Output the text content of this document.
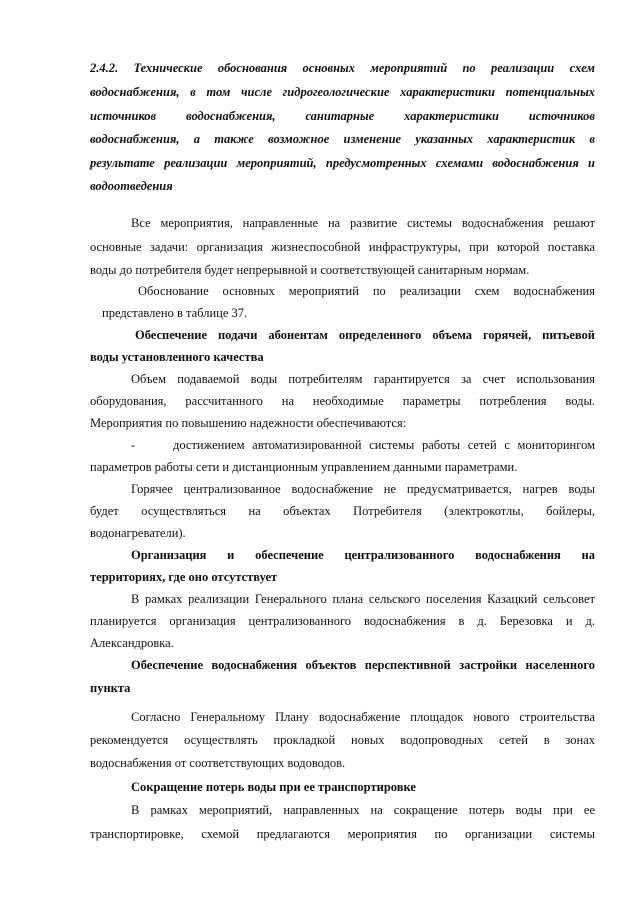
2.4.2. Технические обоснования основных мероприятий по реализации схем
водоснабжения, в том числе гидрогеологические характеристики потенциальных
источников водоснабжения, санитарные характеристики источников
водоснабжения, а также возможное изменение указанных характеристик в
результате реализации мероприятий, предусмотренных схемами водоснабжения и
водоотведения
Все мероприятия, направленные на развитие системы водоснабжения решают
основные задачи: организация жизнеспособной инфраструктуры, при которой поставка
воды до потребителя будет непрерывной и соответствующей санитарным нормам.
Обоснование основных мероприятий по реализации схем водоснабжения
представлено в таблице 37.
Обеспечение подачи абонентам определенного объема горячей, питьевой
воды установленного качества
Объем подаваемой воды потребителям гарантируется за счет использования
оборудования, рассчитанного на необходимые параметры потребления воды.
Мероприятия по повышению надежности обеспечиваются:
-	достижением автоматизированной системы работы сетей с мониторингом
параметров работы сети и дистанционным управлением данными параметрами.
Горячее централизованное водоснабжение не предусматривается, нагрев воды
будет осуществляться на объектах Потребителя (электрокотлы, бойлеры,
водонагреватели).
Организация и обеспечение централизованного водоснабжения на
территориях, где оно отсутствует
В рамках реализации Генерального плана сельского поселения Казацкий сельсовет
планируется организация централизованного водоснабжения в д. Березовка и д.
Александровка.
Обеспечение водоснабжения объектов перспективной застройки населенного
пункта
Согласно Генеральному Плану водоснабжение площадок нового строительства
рекомендуется осуществлять прокладкой новых водопроводных сетей в зонах
водоснабжения от соответствующих водоводов.
Сокращение потерь воды при ее транспортировке
В рамках мероприятий, направленных на сокращение потерь воды при ее
транспортировке, схемой предлагаются мероприятия по организации системы
